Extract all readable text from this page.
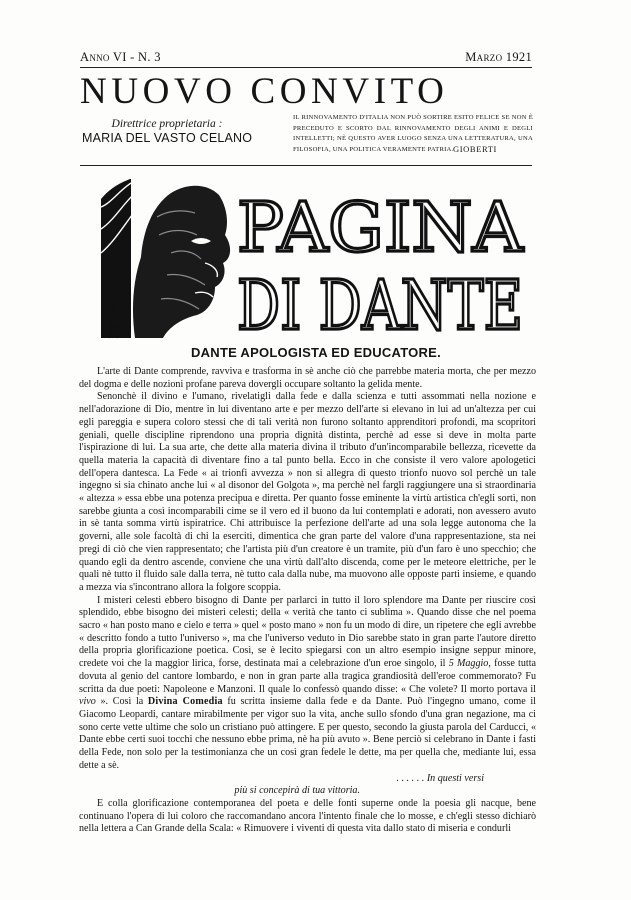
Anno VI - N. 3	Marzo 1921
NUOVO CONVITO
Direttrice proprietaria :
MARIA DEL VASTO CELANO
IL RINNOVAMENTO D'ITALIA NON PUÒ SORTIRE ESITO FELICE SE NON È PRECEDUTO E SCORTO DAL RINNOVAMENTO DEGLI ANIMI E DEGLI INTELLETTI; NÈ QUESTO AVER LUOGO SENZA UNA LETTERATURA, UNA FILOSOFIA, UNA POLITICA VERAMENTE PATRIA. GIOBERTI
AB
PAGINA
DI DANTE
DANTE APOLOGISTA ED EDUCATORE.

L'arte di Dante comprende, ravviva e trasforma in sè anche ciò che parrebbe materia morta, che per mezzo del dogma e delle nozioni profane pareva dovergli occupare soltanto la gelida mente.

Senonchè il divino e l'umano, rivelatigli dalla fede e dalla scienza e tutti assommati nella nozione e nell'adorazione di Dio, mentre in lui diventano arte e per mezzo dell'arte si elevano in lui ad un'altezza per cui egli pareggia e supera coloro stessi che di tali verità non furono soltanto apprenditori profondi, ma scopritori geniali, quelle discipline riprendono una propria dignità distinta, perchè ad esse si deve in molta parte l'ispirazione di lui. La sua arte, che dette alla materia divina il tributo d'un'incomparabile bellezza, ricevette da quella materia la capacità di diventare fino a tal punto bella. Ecco in che consiste il vero valore apologetici dell'opera dantesca. La Fede « ai trionfi avvezza » non si allegra di questo trionfo nuovo sol perchè un tale ingegno si sia chinato anche lui « al disonor del Golgota », ma perchè nel fargli raggiungere una sì straordinaria « altezza » essa ebbe una potenza precipua e diretta. Per quanto fosse eminente la virtù artistica ch'egli sortì, non sarebbe giunta a così incomparabili cime se il vero ed il buono da lui contemplati e adorati, non avessero avuto in sè tanta somma virtù ispiratrice. Chi attribuisce la perfezione dell'arte ad una sola legge autonoma che la governi, alle sole facoltà di chi la eserciti, dimentica che gran parte del valore d'una rappresentazione, sta nei pregi di ciò che vien rappresentato; che l'artista più d'un creatore è un tramite, più d'un faro è uno specchio; che quando egli da dentro ascende, conviene che una virtù dall'alto discenda, come per le meteore elettriche, per le quali nè tutto il fluido sale dalla terra, nè tutto cala dalla nube, ma muovono alle opposte parti insieme, e quando a mezza via s'incontrano allora la folgore scoppia.

I misteri celesti ebbero bisogno di Dante per parlarci in tutto il loro splendore ma Dante per riuscire così splendido, ebbe bisogno dei misteri celesti; della « verità che tanto ci sublima ». Quando disse che nel poema sacro « han posto mano e cielo e terra » quel « posto mano » non fu un modo di dire, un ripetere che egli avrebbe « descritto fondo a tutto l'universo », ma che l'universo veduto in Dio sarebbe stato in gran parte l'autore diretto della propria glorificazione poetica. Così, se è lecito spiegarsi con un altro esempio insigne seppur minore, credete voi che la maggior lirica, forse, destinata mai a celebrazione d'un eroe singolo, il 5 Maggio, fosse tutta dovuta al genio del cantore lombardo, e non in gran parte alla tragica grandiosità dell'eroe commemorato? Fu scritta da due poeti: Napoleone e Manzoni. Il quale lo confessò quando disse: « Che volete? Il morto portava il vivo ». Così la Divina Comedia fu scritta insieme dalla fede e da Dante. Può l'ingegno umano, come il Giacomo Leopardi, cantare mirabilmente per vigor suo la vita, anche sullo sfondo d'una gran negazione, ma ci sono certe vette ultime che solo un cristiano può attingere. E per questo, secondo la giusta parola del Carducci, « Dante ebbe certi suoi tocchi che nessuno ebbe prima, nè ha più avuto ». Bene perciò si celebrano in Dante i fasti della Fede, non solo per la testimonianza che un così gran fedele le dette, ma per quella che, mediante lui, essa dette a sè.

. . . . . . In questi versi
più si concepirà di tua vittoria.

E colla glorificazione contemporanea del poeta e delle fonti superne onde la poesia gli nacque, bene continuano l'opera di lui coloro che raccomandano ancora l'intento finale che lo mosse, e ch'egli stesso dichiarò nella lettera a Can Grande della Scala: « Rimuovere i viventi di questa vita dallo stato di miseria e condurli
